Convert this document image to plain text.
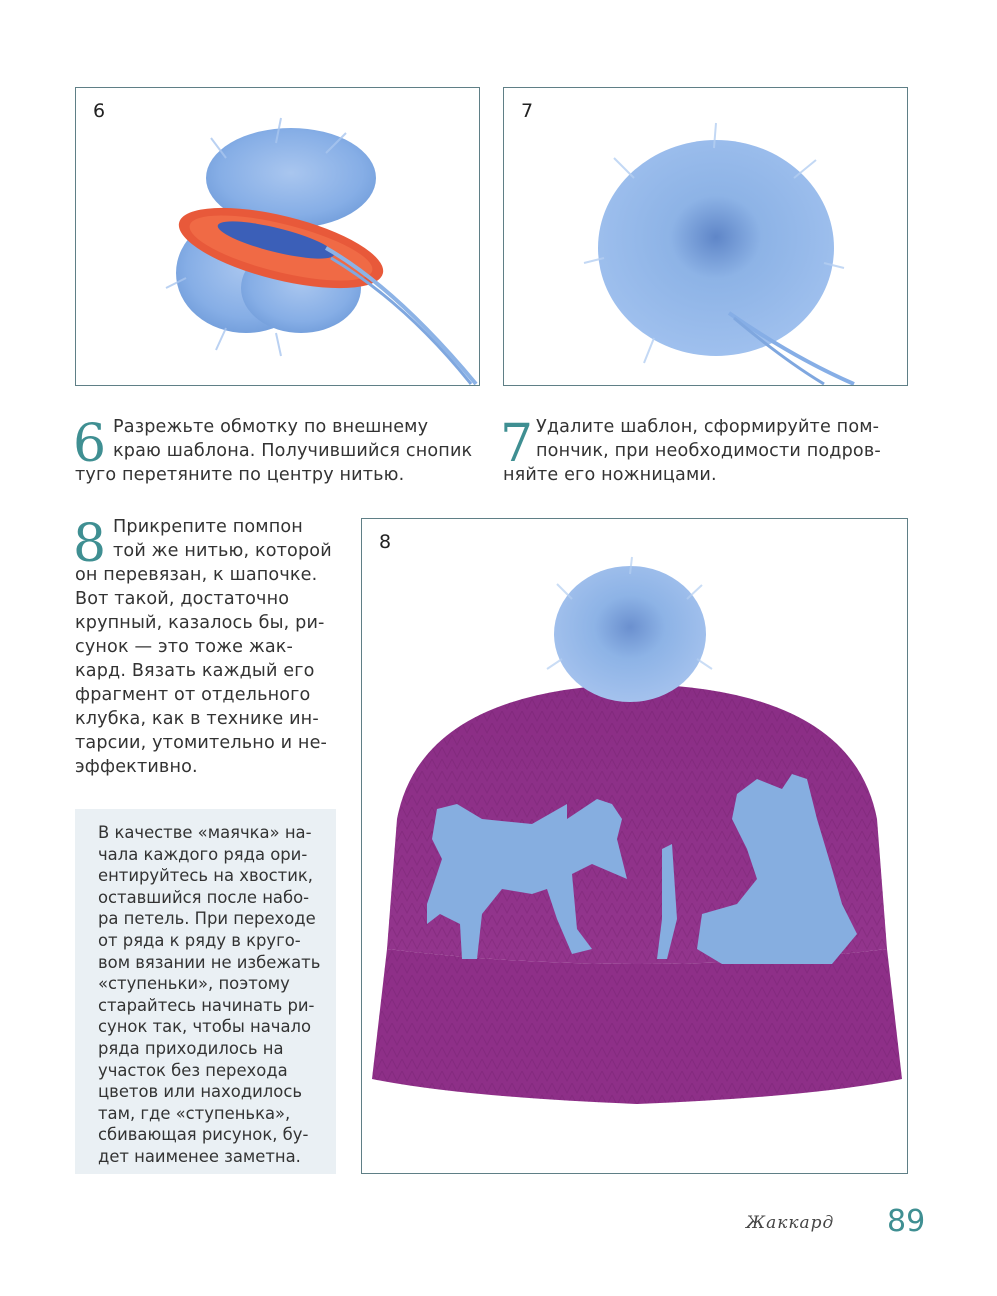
6	7
6 Разрежьте обмотку по внешнему
краю шаблона. Получившийся снопик
туго перетяните по центру нитью.
7 Удалите шаблон, сформируйте пом-
пончик, при необходимости подров-
няйте его ножницами.
8 Прикрепите помпон
той же нитью, которой
он перевязан, к шапочке.
Вот такой, достаточно
крупный, казалось бы, ри-
сунок — это тоже жак-
кард. Вязать каждый его
фрагмент от отдельного
клубка, как в технике ин-
тарсии, утомительно и не-
эффективно.
8
В качестве «маячка» на-
чала каждого ряда ори-
ентируйтесь на хвостик,
оставшийся после набо-
ра петель. При переходе
от ряда к ряду в круго-
вом вязании не избежать
«ступеньки», поэтому
старайтесь начинать ри-
сунок так, чтобы начало
ряда приходилось на
участок без перехода
цветов или находилось
там, где «ступенька»,
сбивающая рисунок, бу-
дет наименее заметна.
Жаккард 89
